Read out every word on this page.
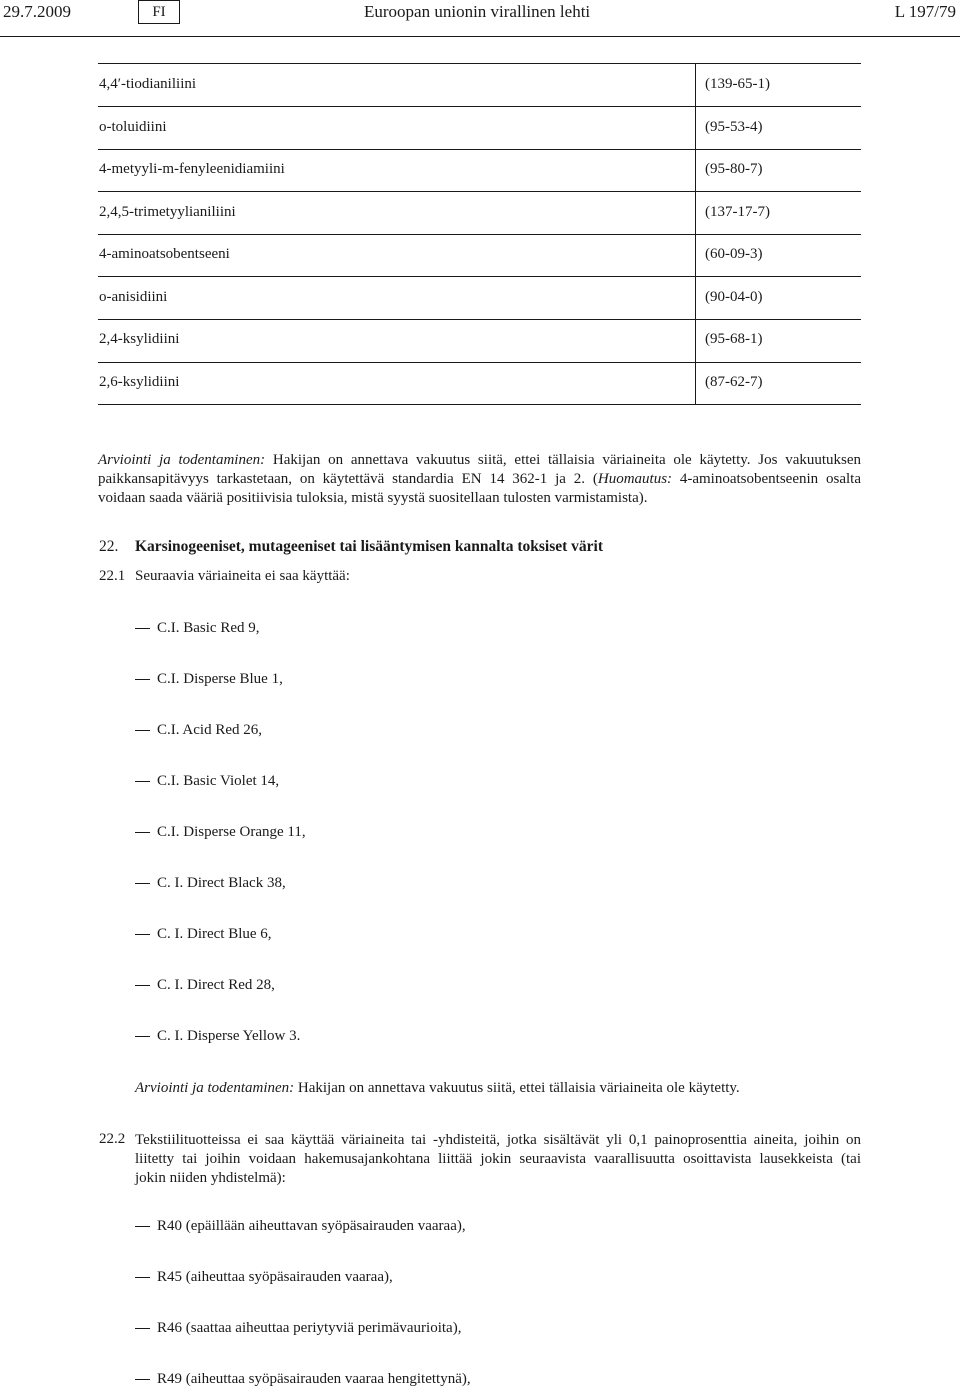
29.7.2009	FI	Euroopan unionin virallinen lehti	L 197/79
4,4′-tiodianiliini	(139-65-1)
o-toluidiini	(95-53-4)
4-metyyli-m-fenyleenidiamiini	(95-80-7)
2,4,5-trimetyylianiliini	(137-17-7)
4-aminoatsobentseeni	(60-09-3)
o-anisidiini	(90-04-0)
2,4-ksylidiini	(95-68-1)
2,6-ksylidiini	(87-62-7)
Arviointi ja todentaminen: Hakijan on annettava vakuutus siitä, ettei tällaisia väriaineita ole käytetty. Jos vakuutuksen
paikkansapitävyys tarkastetaan, on käytettävä standardia EN 14 362-1 ja 2. (Huomautus: 4-aminoatsobentseenin osalta
voidaan saada vääriä positiivisia tuloksia, mistä syystä suositellaan tulosten varmistamista).
22. Karsinogeeniset, mutageeniset tai lisääntymisen kannalta toksiset värit
22.1 Seuraavia väriaineita ei saa käyttää:
C.I. Basic Red 9,
C.I. Disperse Blue 1,
C.I. Acid Red 26,
C.I. Basic Violet 14,
C.I. Disperse Orange 11,
C. I. Direct Black 38,
C. I. Direct Blue 6,
C. I. Direct Red 28,
C. I. Disperse Yellow 3.
Arviointi ja todentaminen: Hakijan on annettava vakuutus siitä, ettei tällaisia väriaineita ole käytetty.
22.2 Tekstiilituotteissa ei saa käyttää väriaineita tai -yhdisteitä, jotka sisältävät yli 0,1 painoprosenttia aineita, joihin on
liitetty tai joihin voidaan hakemusajankohtana liittää jokin seuraavista vaarallisuutta osoittavista lausekkeista (tai
jokin niiden yhdistelmä):
R40 (epäillään aiheuttavan syöpäsairauden vaaraa),
R45 (aiheuttaa syöpäsairauden vaaraa),
R46 (saattaa aiheuttaa periytyviä perimävaurioita),
R49 (aiheuttaa syöpäsairauden vaaraa hengitettynä),
